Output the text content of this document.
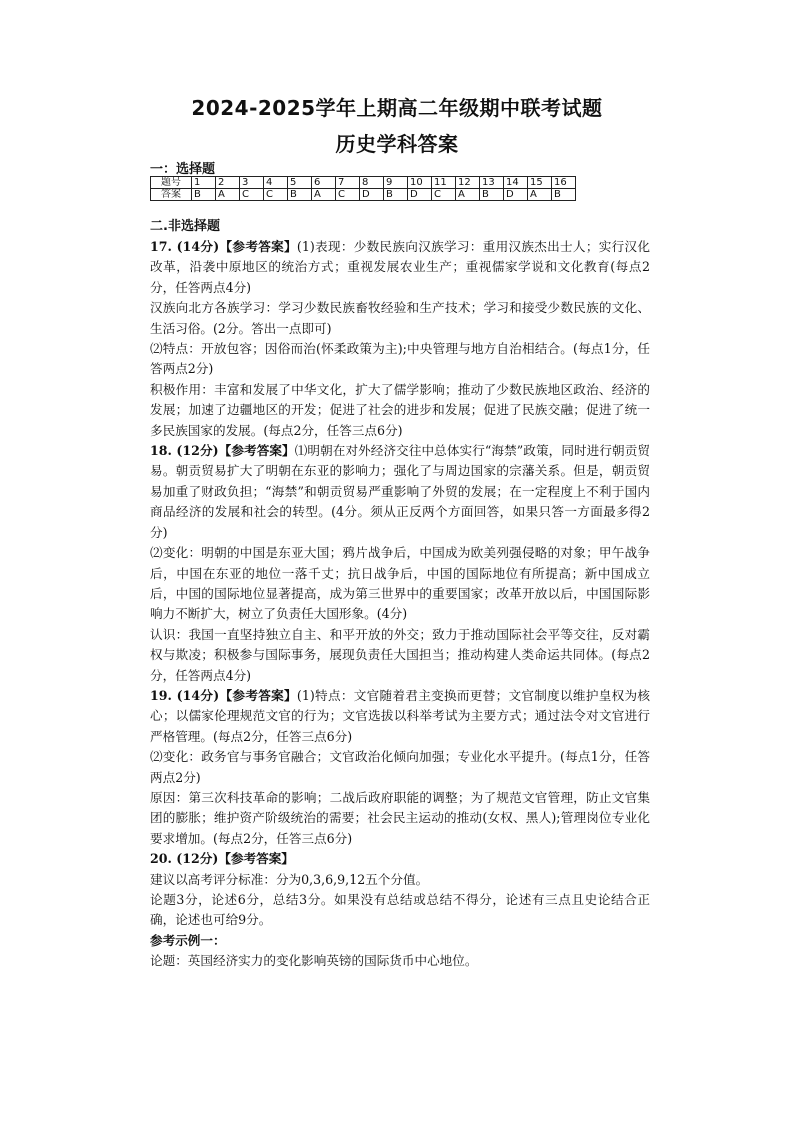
2024-2025学年上期高二年级期中联考试题
历史学科答案
一：选择题
题号	1	2	3	4	5	6	7	8	9	10	11	12	13	14	15	16
答案	B	A	C	C	B	A	C	D	B	D	C	A	B	D	A	B
二.非选择题

17. (14分)【参考答案】(1)表现：少数民族向汉族学习：重用汉族杰出士人；实行汉化改革，沿袭中原地区的统治方式；重视发展农业生产；重视儒家学说和文化教育(每点2分，任答两点4分)

汉族向北方各族学习：学习少数民族畜牧经验和生产技术；学习和接受少数民族的文化、生活习俗。(2分。答出一点即可)

⑵特点：开放包容；因俗而治(怀柔政策为主);中央管理与地方自治相结合。(每点1分，任答两点2分)

积极作用：丰富和发展了中华文化，扩大了儒学影响；推动了少数民族地区政治、经济的发展；加速了边疆地区的开发；促进了社会的进步和发展；促进了民族交融；促进了统一多民族国家的发展。(每点2分，任答三点6分)

18. (12分)【参考答案】⑴明朝在对外经济交往中总体实行“海禁”政策，同时进行朝贡贸易。朝贡贸易扩大了明朝在东亚的影响力；强化了与周边国家的宗藩关系。但是，朝贡贸易加重了财政负担；“海禁”和朝贡贸易严重影响了外贸的发展；在一定程度上不利于国内商品经济的发展和社会的转型。(4分。须从正反两个方面回答，如果只答一方面最多得2分)

⑵变化：明朝的中国是东亚大国；鸦片战争后，中国成为欧美列强侵略的对象；甲午战争后，中国在东亚的地位一落千丈；抗日战争后，中国的国际地位有所提高；新中国成立后，中国的国际地位显著提高，成为第三世界中的重要国家；改革开放以后，中国国际影响力不断扩大，树立了负责任大国形象。(4分)

认识：我国一直坚持独立自主、和平开放的外交；致力于推动国际社会平等交往，反对霸权与欺凌；积极参与国际事务，展现负责任大国担当；推动构建人类命运共同体。(每点2分，任答两点4分)

19. (14分)【参考答案】(1)特点：文官随着君主变换而更替；文官制度以维护皇权为核心；以儒家伦理规范文官的行为；文官选拔以科举考试为主要方式；通过法令对文官进行严格管理。(每点2分，任答三点6分)

⑵变化：政务官与事务官融合；文官政治化倾向加强；专业化水平提升。(每点1分，任答两点2分)

原因：第三次科技革命的影响；二战后政府职能的调整；为了规范文官管理，防止文官集团的膨胀；维护资产阶级统治的需要；社会民主运动的推动(女权、黑人);管理岗位专业化要求增加。(每点2分，任答三点6分)

20. (12分)【参考答案】

建议以高考评分标准：分为0,3,6,9,12五个分值。

论题3分，论述6分，总结3分。如果没有总结或总结不得分，论述有三点且史论结合正确，论述也可给9分。

参考示例一：

论题：英国经济实力的变化影响英镑的国际货币中心地位。
